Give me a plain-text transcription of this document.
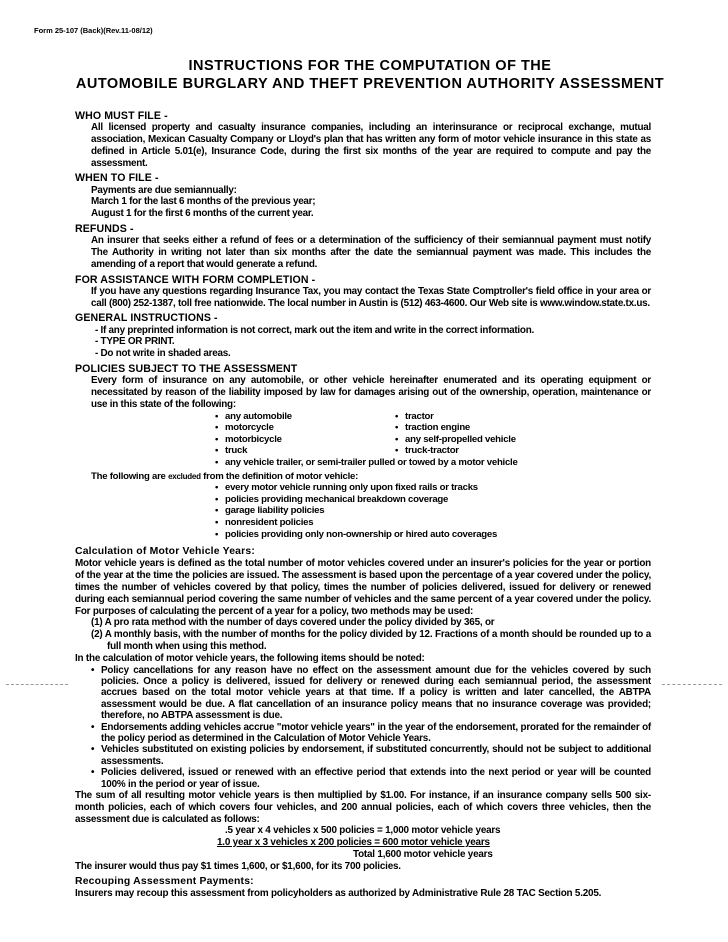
Form 25-107 (Back)(Rev.11-08/12)
INSTRUCTIONS FOR THE COMPUTATION OF THE
AUTOMOBILE BURGLARY AND THEFT PREVENTION AUTHORITY ASSESSMENT
WHO MUST FILE -
All licensed property and casualty insurance companies, including an interinsurance or reciprocal exchange, mutual association, Mexican Casualty Company or Lloyd's plan that has written any form of motor vehicle insurance in this state as defined in Article 5.01(e), Insurance Code, during the first six months of the year are required to compute and pay the assessment.
WHEN TO FILE -
Payments are due semiannually:
March 1 for the last 6 months of the previous year;
August 1 for the first 6 months of the current year.
REFUNDS -
An insurer that seeks either a refund of fees or a determination of the sufficiency of their semiannual payment must notify The Authority in writing not later than six months after the date the semiannual payment was made. This includes the amending of a report that would generate a refund.
FOR ASSISTANCE WITH FORM COMPLETION -
If you have any questions regarding Insurance Tax, you may contact the Texas State Comptroller's field office in your area or call (800) 252-1387, toll free nationwide. The local number in Austin is (512) 463-4600. Our Web site is www.window.state.tx.us.
GENERAL INSTRUCTIONS -
- If any preprinted information is not correct, mark out the item and write in the correct information.
- TYPE OR PRINT.
- Do not write in shaded areas.
POLICIES SUBJECT TO THE ASSESSMENT
Every form of insurance on any automobile, or other vehicle hereinafter enumerated and its operating equipment or necessitated by reason of the liability imposed by law for damages arising out of the ownership, operation, maintenance or use in this state of the following:
• any automobile
• motorcycle
• motorbicycle
• truck
• tractor
• traction engine
• any self-propelled vehicle
• truck-tractor
• any vehicle trailer, or semi-trailer pulled or towed by a motor vehicle
The following are excluded from the definition of motor vehicle:
• every motor vehicle running only upon fixed rails or tracks
• policies providing mechanical breakdown coverage
• garage liability policies
• nonresident policies
• policies providing only non-ownership or hired auto coverages
Calculation of Motor Vehicle Years:
Motor vehicle years is defined as the total number of motor vehicles covered under an insurer's policies for the year or portion of the year at the time the policies are issued. The assessment is based upon the percentage of a year covered under the policy, times the number of vehicles covered by that policy, times the number of policies delivered, issued for delivery or renewed during each semiannual period covering the same number of vehicles and the same percent of a year covered under the policy. For purposes of calculating the percent of a year for a policy, two methods may be used:
(1) A pro rata method with the number of days covered under the policy divided by 365, or
(2) A monthly basis, with the number of months for the policy divided by 12. Fractions of a month should be rounded up to a full month when using this method.
In the calculation of motor vehicle years, the following items should be noted:
• Policy cancellations for any reason have no effect on the assessment amount due for the vehicles covered by such policies. Once a policy is delivered, issued for delivery or renewed during each semiannual period, the assessment accrues based on the total motor vehicle years at that time. If a policy is written and later cancelled, the ABTPA assessment would be due. A flat cancellation of an insurance policy means that no insurance coverage was provided; therefore, no ABTPA assessment is due.
• Endorsements adding vehicles accrue "motor vehicle years" in the year of the endorsement, prorated for the remainder of the policy period as determined in the Calculation of Motor Vehicle Years.
• Vehicles substituted on existing policies by endorsement, if substituted concurrently, should not be subject to additional assessments.
• Policies delivered, issued or renewed with an effective period that extends into the next period or year will be counted 100% in the period or year of issue.
The sum of all resulting motor vehicle years is then multiplied by $1.00. For instance, if an insurance company sells 500 six-month policies, each of which covers four vehicles, and 200 annual policies, each of which covers three vehicles, then the assessment due is calculated as follows:
.5 year x 4 vehicles x 500 policies = 1,000 motor vehicle years
1.0 year x 3 vehicles x 200 policies = 600 motor vehicle years
Total 1,600 motor vehicle years
The insurer would thus pay $1 times 1,600, or $1,600, for its 700 policies.
Recouping Assessment Payments:
Insurers may recoup this assessment from policyholders as authorized by Administrative Rule 28 TAC Section 5.205.
